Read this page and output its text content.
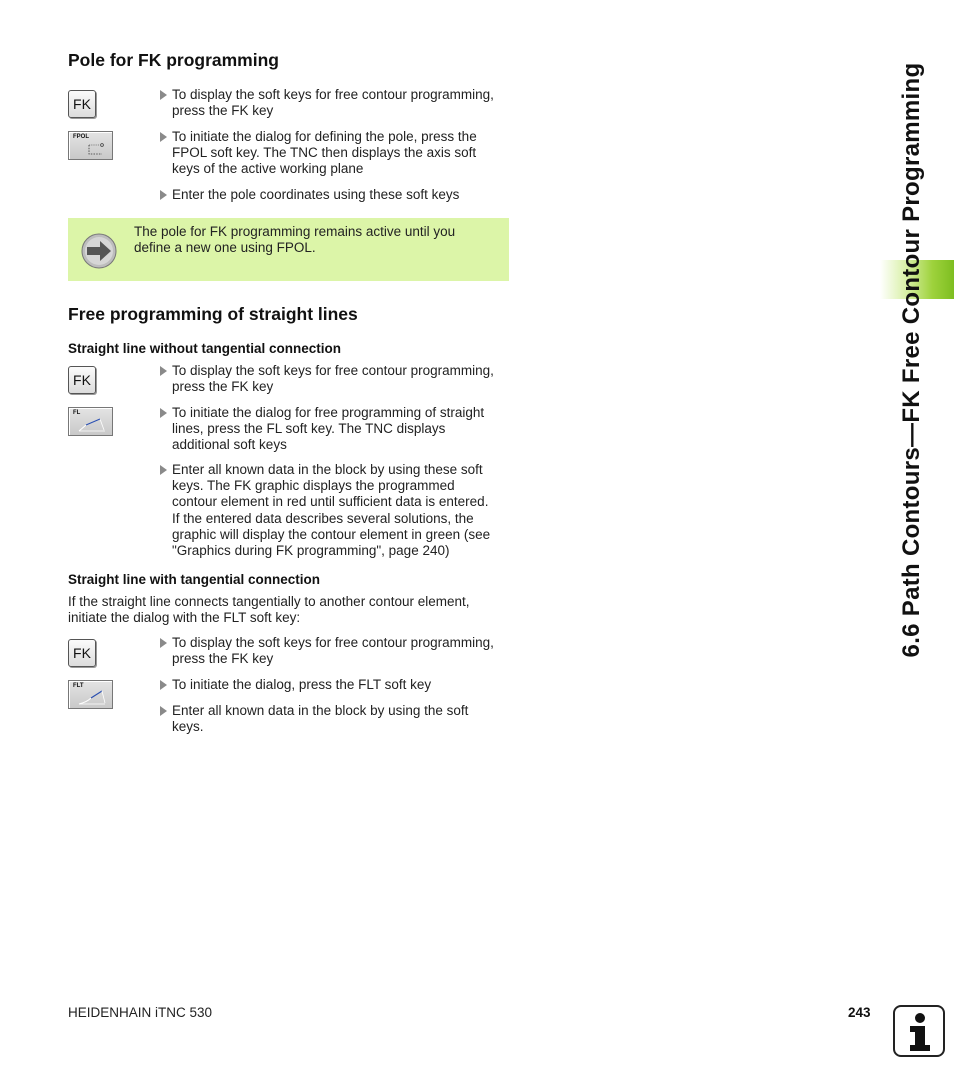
Pole for FK programming
FK
To display the soft keys for free contour programming,
press the FK key
FPOL	To initiate the dialog for defining the pole, press the
FPOL soft key. The TNC then displays the axis soft
keys of the active working plane
Enter the pole coordinates using these soft keys
The pole for FK programming remains active until you
define a new one using FPOL.
Free programming of straight lines
Straight line without tangential connection
FK
To display the soft keys for free contour programming,
press the FK key
FL	To initiate the dialog for free programming of straight
lines, press the FL soft key. The TNC displays
additional soft keys
Enter all known data in the block by using these soft
keys. The FK graphic displays the programmed
contour element in red until sufficient data is entered.
If the entered data describes several solutions, the
graphic will display the contour element in green (see
"Graphics during FK programming", page 240)
Straight line with tangential connection
If the straight line connects tangentially to another contour element,
initiate the dialog with the FLT soft key:
FK
To display the soft keys for free contour programming,
press the FK key
FLT	To initiate the dialog, press the FLT soft key
Enter all known data in the block by using the soft
keys.
6.6 Path Contours—FK Free Contour Programming
HEIDENHAIN iTNC 530	243
